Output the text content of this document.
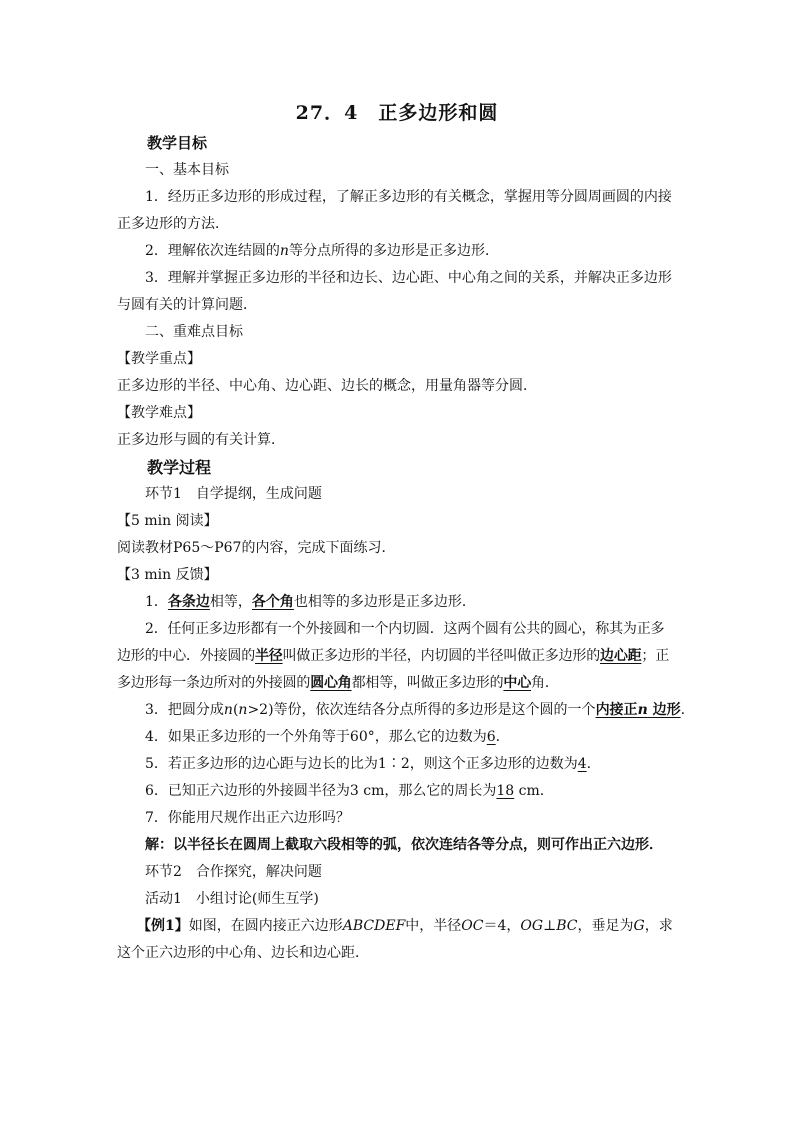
27．4　正多边形和圆
教学目标
一、基本目标
1．经历正多边形的形成过程，了解正多边形的有关概念，掌握用等分圆周画圆的内接正多边形的方法．
2．理解依次连结圆的n等分点所得的多边形是正多边形．
3．理解并掌握正多边形的半径和边长、边心距、中心角之间的关系，并解决正多边形与圆有关的计算问题．
二、重难点目标
【教学重点】
正多边形的半径、中心角、边心距、边长的概念，用量角器等分圆．
【教学难点】
正多边形与圆的有关计算．
教学过程
环节1　自学提纲，生成问题
【5 min 阅读】
阅读教材P65～P67的内容，完成下面练习．
【3 min 反馈】
1．各条边相等，各个角也相等的多边形是正多边形．
2．任何正多边形都有一个外接圆和一个内切圆．这两个圆有公共的圆心，称其为正多边形的中心．外接圆的半径叫做正多边形的半径，内切圆的半径叫做正多边形的边心距；正多边形每一条边所对的外接圆的圆心角都相等，叫做正多边形的中心角．
3．把圆分成n(n>2)等份，依次连结各分点所得的多边形是这个圆的一个内接正n 边形.
4．如果正多边形的一个外角等于60°，那么它的边数为6.
5．若正多边形的边心距与边长的比为1∶2，则这个正多边形的边数为4.
6．已知正六边形的外接圆半径为3 cm，那么它的周长为18 cm.
7．你能用尺规作出正六边形吗？
解：以半径长在圆周上截取六段相等的弧，依次连结各等分点，则可作出正六边形．
环节2　合作探究，解决问题
活动1　小组讨论(师生互学)
【例1】如图，在圆内接正六边形ABCDEF中，半径OC＝4，OG⊥BC，垂足为G，求这个正六边形的中心角、边长和边心距．
